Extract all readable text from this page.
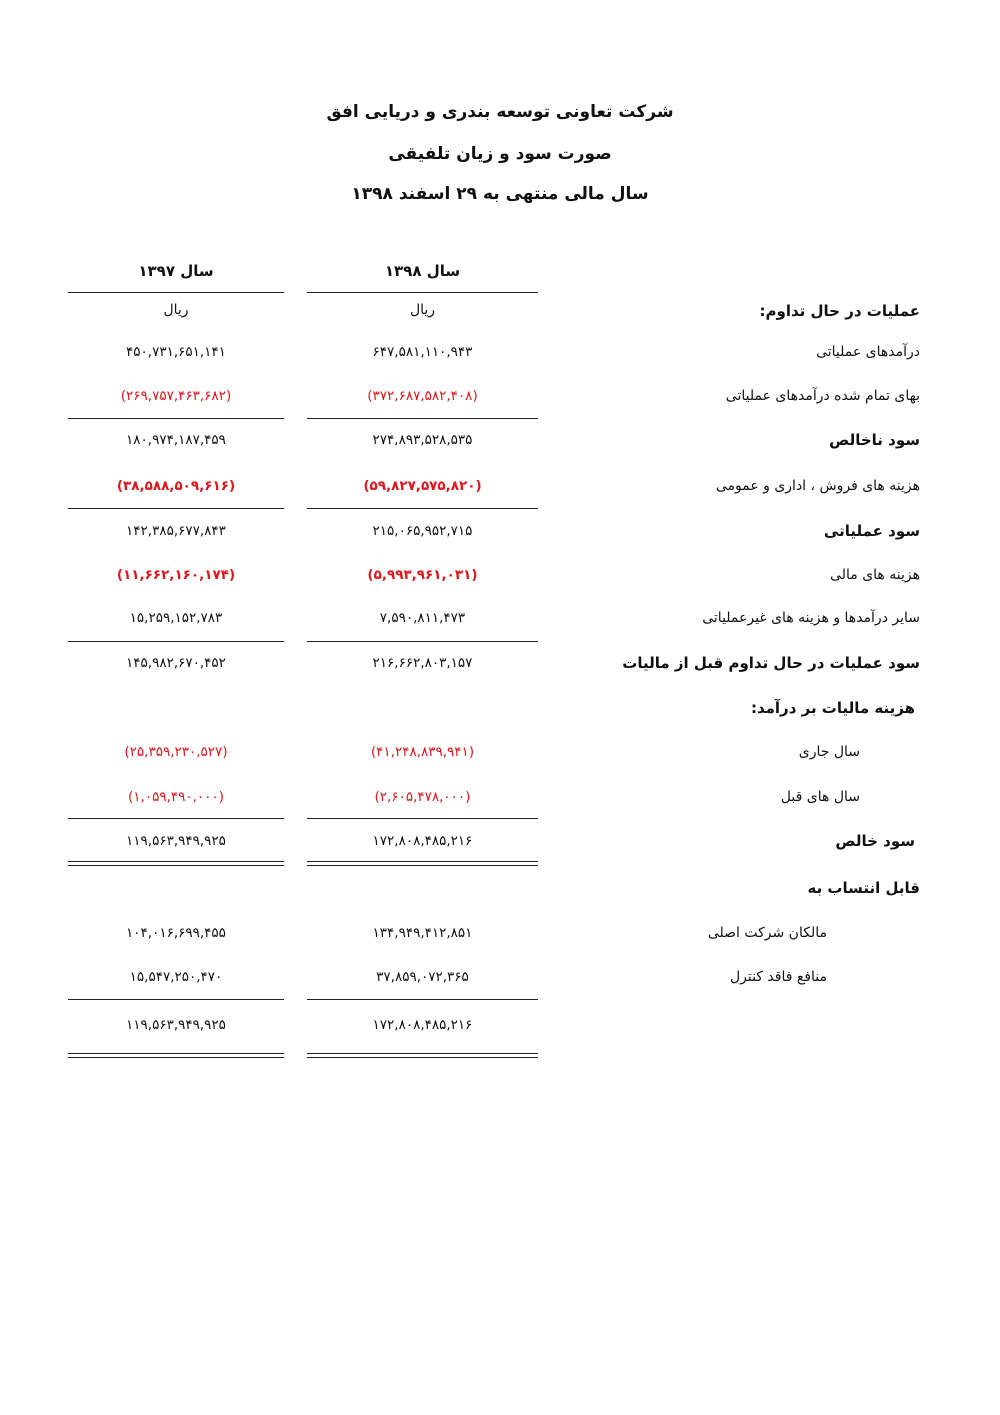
شرکت تعاونی توسعه بندری و دریایی افق
صورت سود و زیان تلفیقی
سال مالی منتهی به ۲۹ اسفند ۱۳۹۸
سال ۱۳۹۸
سال ۱۳۹۷
ریال
ریال	عملیات در حال تداوم:
درآمدهای عملیاتی
۶۴۷,۵۸۱,۱۱۰,۹۴۳
۴۵۰,۷۳۱,۶۵۱,۱۴۱
بهای تمام شده درآمدهای عملیاتی
(۳۷۲,۶۸۷,۵۸۲,۴۰۸)
(۲۶۹,۷۵۷,۴۶۳,۶۸۲)
سود ناخالص
۲۷۴,۸۹۳,۵۲۸,۵۳۵
۱۸۰,۹۷۴,۱۸۷,۴۵۹
هزینه های فروش ، اداری و عمومی
(۵۹,۸۲۷,۵۷۵,۸۲۰)
(۳۸,۵۸۸,۵۰۹,۶۱۶)
سود عملیاتی
۲۱۵,۰۶۵,۹۵۲,۷۱۵
۱۴۲,۳۸۵,۶۷۷,۸۴۳
هزینه های مالی
(۵,۹۹۳,۹۶۱,۰۳۱)
(۱۱,۶۶۲,۱۶۰,۱۷۴)
سایر درآمدها و هزینه های غیرعملیاتی
۷,۵۹۰,۸۱۱,۴۷۳
۱۵,۲۵۹,۱۵۲,۷۸۳
سود عملیات در حال تداوم قبل از مالیات
۲۱۶,۶۶۲,۸۰۳,۱۵۷
۱۴۵,۹۸۲,۶۷۰,۴۵۲
هزینه مالیات بر درآمد:
سال جاری
(۴۱,۲۴۸,۸۳۹,۹۴۱)
(۲۵,۳۵۹,۲۳۰,۵۲۷)
سال های قبل
(۲,۶۰۵,۴۷۸,۰۰۰)
(۱,۰۵۹,۴۹۰,۰۰۰)
سود خالص
۱۷۲,۸۰۸,۴۸۵,۲۱۶
۱۱۹,۵۶۳,۹۴۹,۹۲۵
قابل انتساب به
مالکان شرکت اصلی
۱۳۴,۹۴۹,۴۱۲,۸۵۱
۱۰۴,۰۱۶,۶۹۹,۴۵۵
منافع فاقد کنترل
۳۷,۸۵۹,۰۷۲,۳۶۵
۱۵,۵۴۷,۲۵۰,۴۷۰
۱۷۲,۸۰۸,۴۸۵,۲۱۶
۱۱۹,۵۶۳,۹۴۹,۹۲۵
